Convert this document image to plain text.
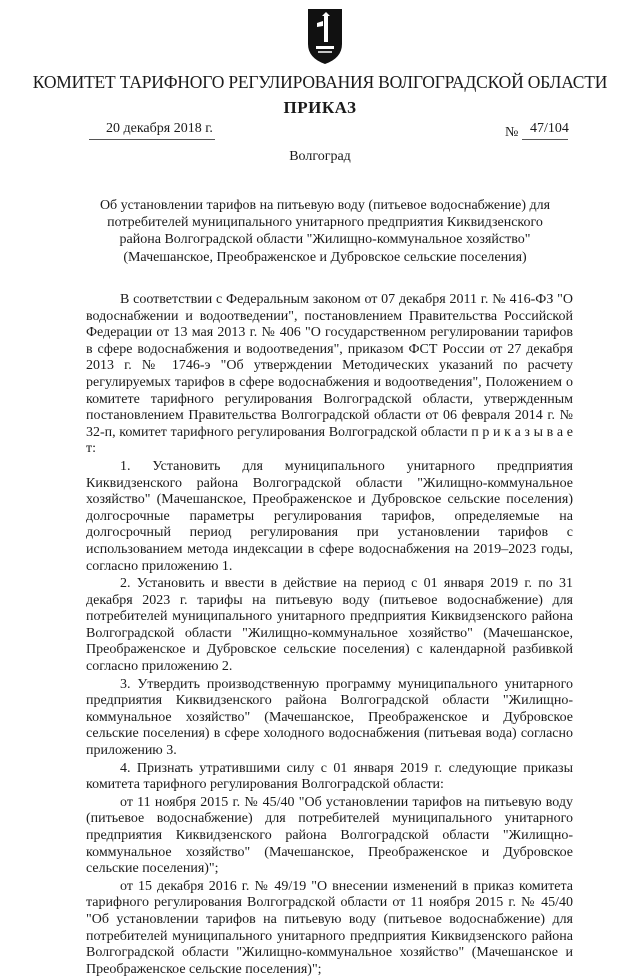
КОМИТЕТ ТАРИФНОГО РЕГУЛИРОВАНИЯ ВОЛГОГРАДСКОЙ ОБЛАСТИ
ПРИКАЗ
20 декабря 2018 г.	№ 47/104
Волгоград
Об установлении тарифов на питьевую воду (питьевое водоснабжение) для потребителей муниципального унитарного предприятия Киквидзенского района Волгоградской области "Жилищно-коммунальное хозяйство" (Мачешанское, Преображенское и Дубровское сельские поселения)

В соответствии с Федеральным законом от 07 декабря 2011 г. № 416-ФЗ "О водоснабжении и водоотведении", постановлением Правительства Российской Федерации от 13 мая 2013 г. № 406 "О государственном регулировании тарифов в сфере водоснабжения и водоотведения", приказом ФСТ России от 27 декабря 2013 г. № 1746-э "Об утверждении Методических указаний по расчету регулируемых тарифов в сфере водоснабжения и водоотведения", Положением о комитете тарифного регулирования Волгоградской области, утвержденным постановлением Правительства Волгоградской области от 06 февраля 2014 г. № 32-п, комитет тарифного регулирования Волгоградской области п р и к а з ы в а е т:

1. Установить для муниципального унитарного предприятия Киквидзенского района Волгоградской области "Жилищно-коммунальное хозяйство" (Мачешанское, Преображенское и Дубровское сельские поселения) долгосрочные параметры регулирования тарифов, определяемые на долгосрочный период регулирования при установлении тарифов с использованием метода индексации в сфере водоснабжения на 2019–2023 годы, согласно приложению 1.

2. Установить и ввести в действие на период с 01 января 2019 г. по 31 декабря 2023 г. тарифы на питьевую воду (питьевое водоснабжение) для потребителей муниципального унитарного предприятия Киквидзенского района Волгоградской области "Жилищно-коммунальное хозяйство" (Мачешанское, Преображенское и Дубровское сельские поселения) с календарной разбивкой согласно приложению 2.

3. Утвердить производственную программу муниципального унитарного предприятия Киквидзенского района Волгоградской области "Жилищно-коммунальное хозяйство" (Мачешанское, Преображенское и Дубровское сельские поселения) в сфере холодного водоснабжения (питьевая вода) согласно приложению 3.

4. Признать утратившими силу с 01 января 2019 г. следующие приказы комитета тарифного регулирования Волгоградской области:

от 11 ноября 2015 г. № 45/40 "Об установлении тарифов на питьевую воду (питьевое водоснабжение) для потребителей муниципального унитарного предприятия Киквидзенского района Волгоградской области "Жилищно-коммунальное хозяйство" (Мачешанское, Преображенское и Дубровское сельские поселения)";

от 15 декабря 2016 г. № 49/19 "О внесении изменений в приказ комитета тарифного регулирования Волгоградской области от 11 ноября 2015 г. № 45/40 "Об установлении тарифов на питьевую воду (питьевое водоснабжение) для потребителей муниципального унитарного предприятия Киквидзенского района Волгоградской области "Жилищно-коммунальное хозяйство" (Мачешанское и Преображенское сельские поселения)";
